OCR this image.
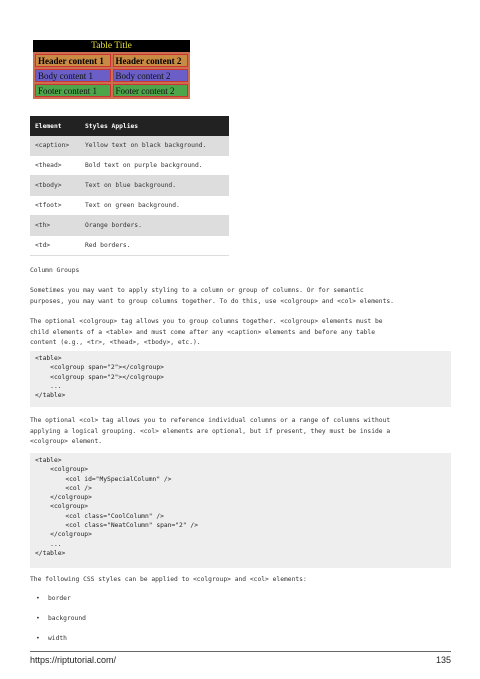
Table Title
Header content 1	Header content 2
Body content 1	Body content 2
Footer content 1	Footer content 2
Element	Styles Applies
<caption>	Yellow text on black background.
<thead>	Bold text on purple background.
<tbody>	Text on blue background.
<tfoot>	Text on green background.
<th>	Orange borders.
<td>	Red borders.
Column Groups
Sometimes you may want to apply styling to a column or group of columns. Or for semantic
purposes, you may want to group columns together. To do this, use <colgroup> and <col> elements.
The optional <colgroup> tag allows you to group columns together. <colgroup> elements must be
child elements of a <table> and must come after any <caption> elements and before any table
content (e.g., <tr>, <thead>, <tbody>, etc.).
<table>
<colgroup span="2"></colgroup>
<colgroup span="2"></colgroup>
...
</table>
The optional <col> tag allows you to reference individual columns or a range of columns without
applying a logical grouping. <col> elements are optional, but if present, they must be inside a
<colgroup> element.
<table>
<colgroup>
<col id="MySpecialColumn" />
<col />
</colgroup>
<colgroup>
<col class="CoolColumn" />
<col class="NeatColumn" span="2" />
</colgroup>
...
</table>
The following CSS styles can be applied to <colgroup> and <col> elements:
• border
• background
• width
https://riptutorial.com/	135
